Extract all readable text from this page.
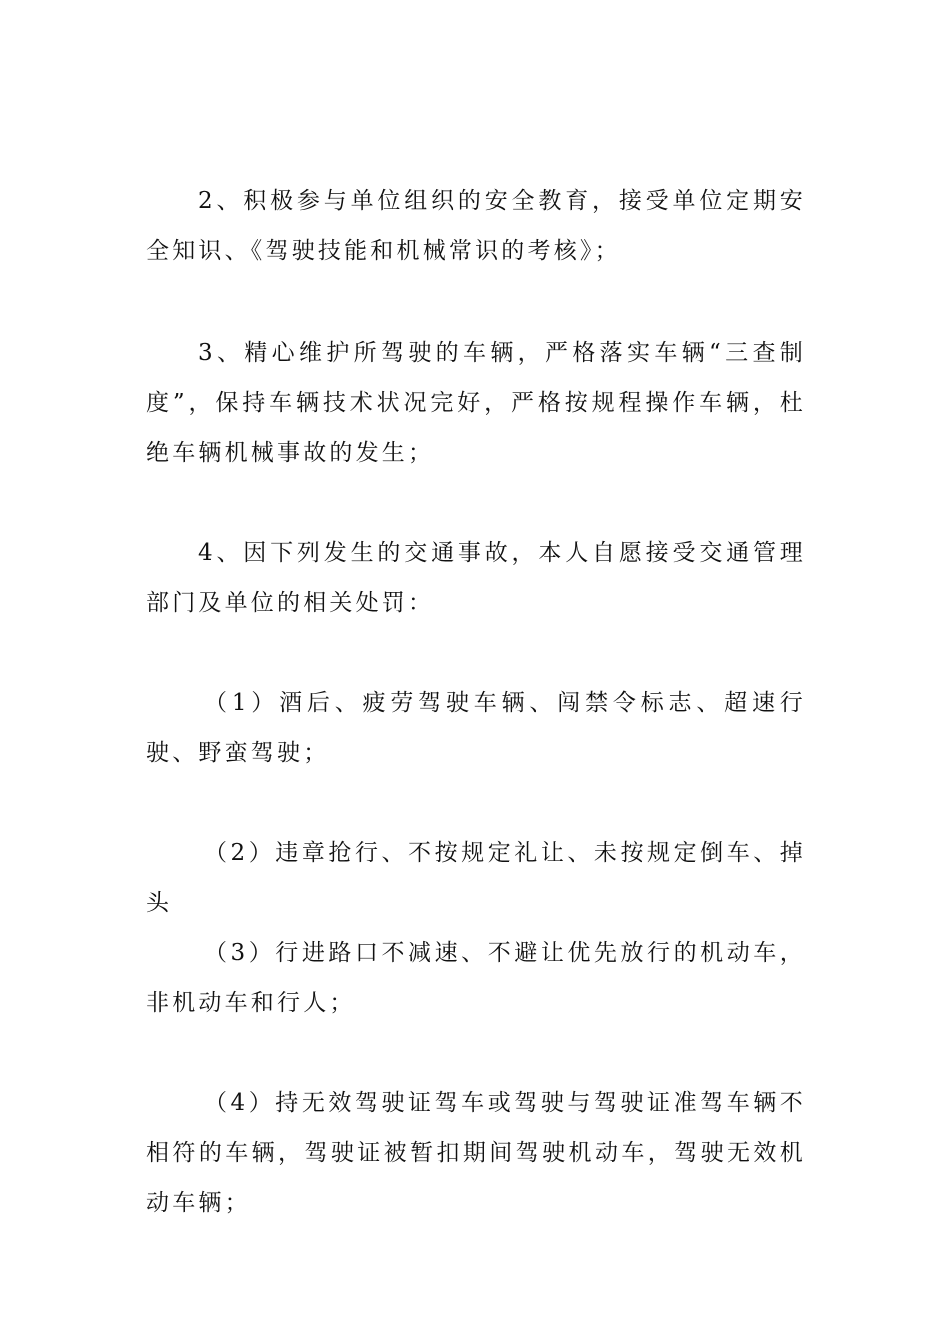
2、积极参与单位组织的安全教育，接受单位定期安全知识、《驾驶技能和机械常识的考核》；

3、精心维护所驾驶的车辆，严格落实车辆“三查制度”，保持车辆技术状况完好，严格按规程操作车辆，杜绝车辆机械事故的发生；

4、因下列发生的交通事故，本人自愿接受交通管理部门及单位的相关处罚：

（1）酒后、疲劳驾驶车辆、闯禁令标志、超速行驶、野蛮驾驶；

（2）违章抢行、不按规定礼让、未按规定倒车、掉头

（3）行进路口不减速、不避让优先放行的机动车，非机动车和行人；

（4）持无效驾驶证驾车或驾驶与驾驶证准驾车辆不相符的车辆，驾驶证被暂扣期间驾驶机动车，驾驶无效机动车辆；
